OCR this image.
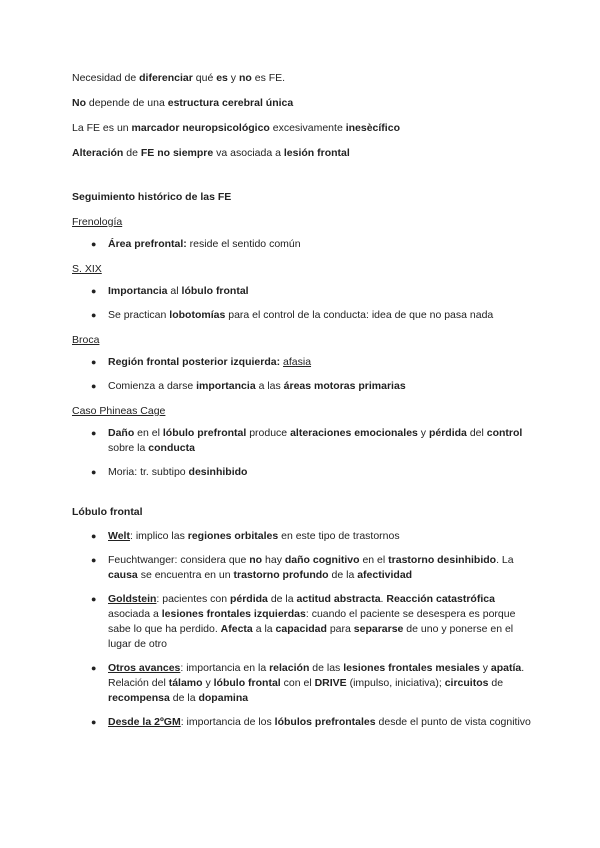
Necesidad de diferenciar qué es y no es FE.

No depende de una estructura cerebral única

La FE es un marcador neuropsicológico excesivamente inesècífico

Alteración de FE no siempre va asociada a lesión frontal

Seguimiento histórico de las FE

Frenología

● Área prefrontal: reside el sentido común

S. XIX

● Importancia al lóbulo frontal
● Se practican lobotomías para el control de la conducta: idea de que no pasa nada

Broca

● Región frontal posterior izquierda: afasia
● Comienza a darse importancia a las áreas motoras primarias

Caso Phineas Cage

● Daño en el lóbulo prefrontal produce alteraciones emocionales y pérdida del control sobre la conducta
● Moria: tr. subtipo desinhibido

Lóbulo frontal

● Welt: implico las regiones orbitales en este tipo de trastornos
● Feuchtwanger: considera que no hay daño cognitivo en el trastorno desinhibido. La causa se encuentra en un trastorno profundo de la afectividad
● Goldstein: pacientes con pérdida de la actitud abstracta. Reacción catastrófica asociada a lesiones frontales izquierdas: cuando el paciente se desespera es porque sabe lo que ha perdido. Afecta a la capacidad para separarse de uno y ponerse en el lugar de otro
● Otros avances: importancia en la relación de las lesiones frontales mesiales y apatía. Relación del tálamo y lóbulo frontal con el DRIVE (impulso, iniciativa); circuitos de recompensa de la dopamina
● Desde la 2ºGM: importancia de los lóbulos prefrontales desde el punto de vista cognitivo
